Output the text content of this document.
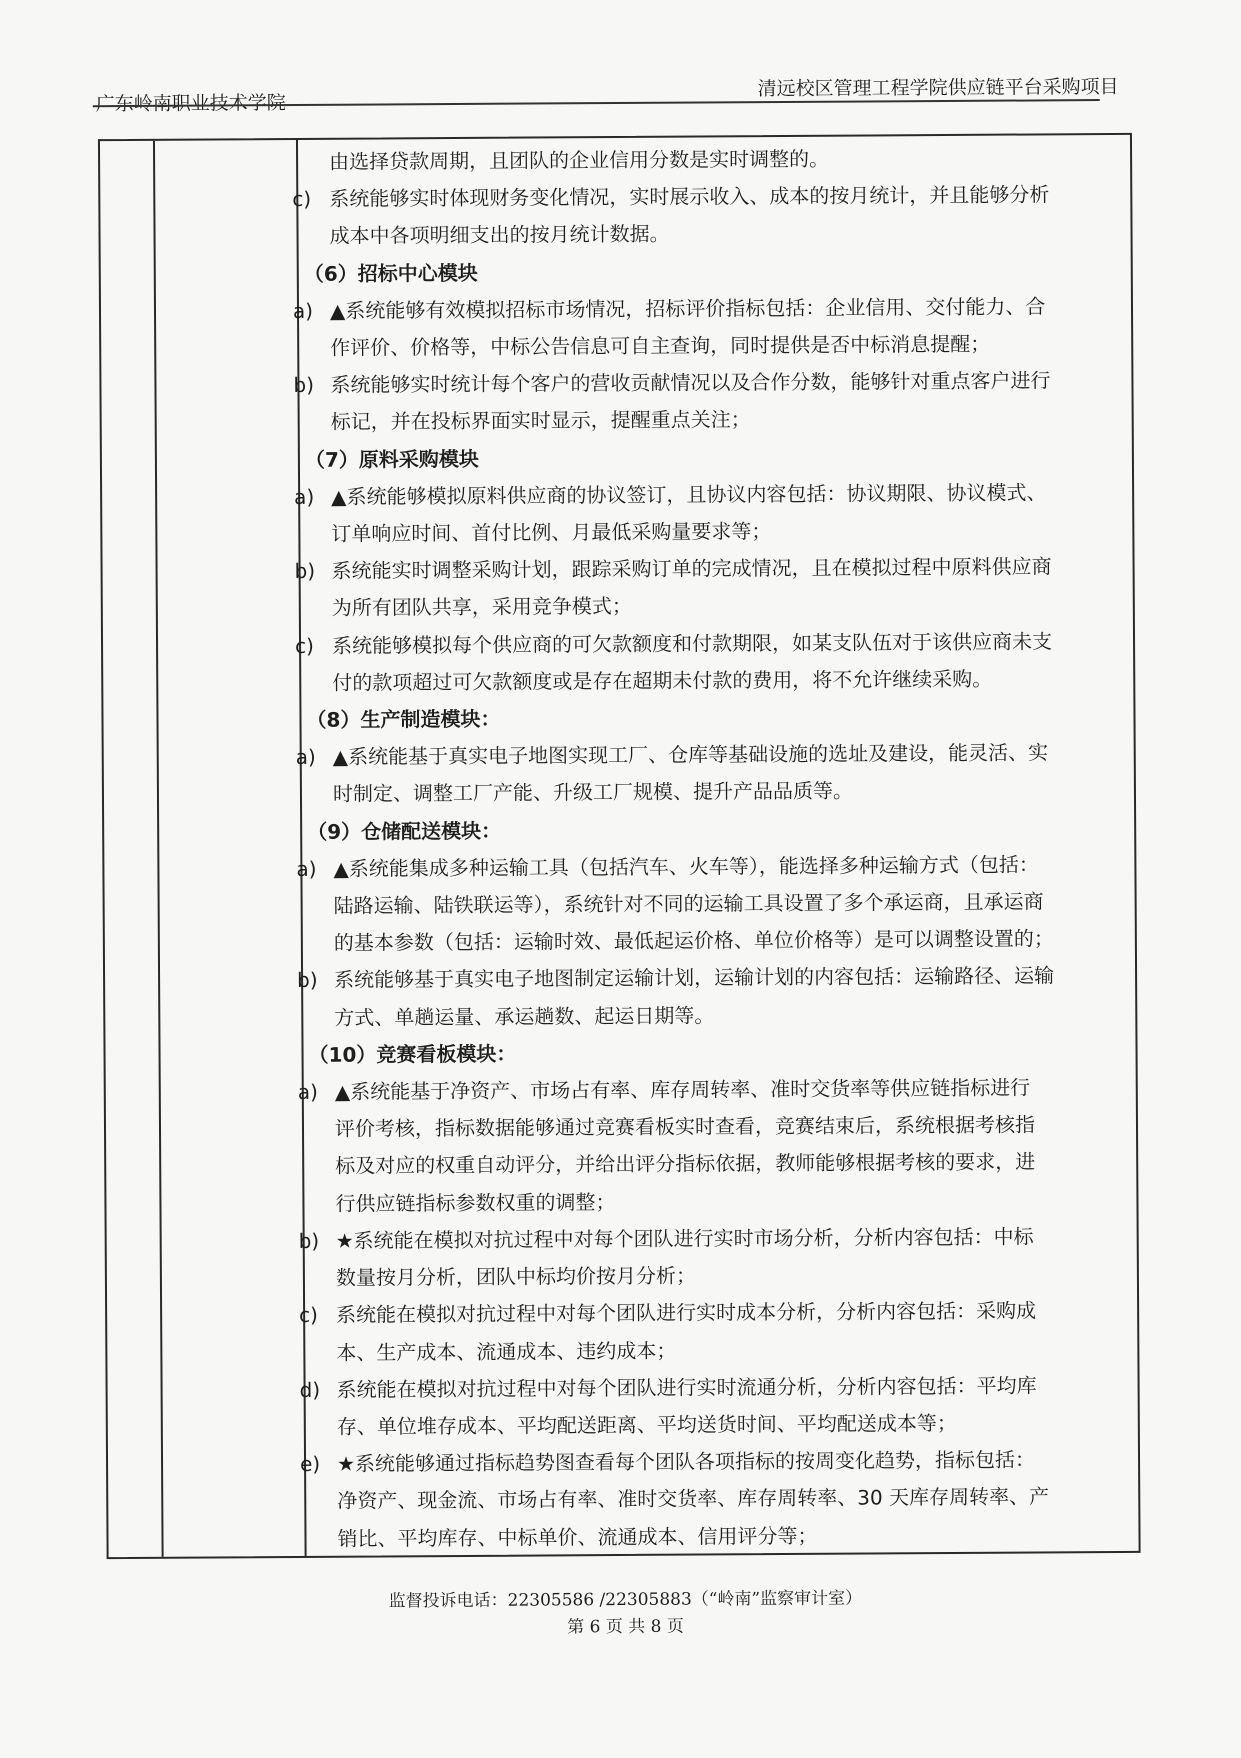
广东岭南职业技术学院
清远校区管理工程学院供应链平台采购项目
由选择贷款周期，且团队的企业信用分数是实时调整的。
c) 系统能够实时体现财务变化情况，实时展示收入、成本的按月统计，并且能够分析
成本中各项明细支出的按月统计数据。
（6）招标中心模块
a) ▲系统能够有效模拟招标市场情况，招标评价指标包括：企业信用、交付能力、合
作评价、价格等，中标公告信息可自主查询，同时提供是否中标消息提醒；
b) 系统能够实时统计每个客户的营收贡献情况以及合作分数，能够针对重点客户进行
标记，并在投标界面实时显示，提醒重点关注；
（7）原料采购模块
a) ▲系统能够模拟原料供应商的协议签订，且协议内容包括：协议期限、协议模式、
订单响应时间、首付比例、月最低采购量要求等；
b) 系统能实时调整采购计划，跟踪采购订单的完成情况，且在模拟过程中原料供应商
为所有团队共享，采用竞争模式；
c) 系统能够模拟每个供应商的可欠款额度和付款期限，如某支队伍对于该供应商未支
付的款项超过可欠款额度或是存在超期未付款的费用，将不允许继续采购。
（8）生产制造模块：
a) ▲系统能基于真实电子地图实现工厂、仓库等基础设施的选址及建设，能灵活、实
时制定、调整工厂产能、升级工厂规模、提升产品品质等。
（9）仓储配送模块：
a) ▲系统能集成多种运输工具（包括汽车、火车等），能选择多种运输方式（包括：
陆路运输、陆铁联运等），系统针对不同的运输工具设置了多个承运商，且承运商
的基本参数（包括：运输时效、最低起运价格、单位价格等）是可以调整设置的；
b) 系统能够基于真实电子地图制定运输计划，运输计划的内容包括：运输路径、运输
方式、单趟运量、承运趟数、起运日期等。
（10）竞赛看板模块：
a) ▲系统能基于净资产、市场占有率、库存周转率、准时交货率等供应链指标进行
评价考核，指标数据能够通过竞赛看板实时查看，竞赛结束后，系统根据考核指
标及对应的权重自动评分，并给出评分指标依据，教师能够根据考核的要求，进
行供应链指标参数权重的调整；
b) ★系统能在模拟对抗过程中对每个团队进行实时市场分析，分析内容包括：中标
数量按月分析，团队中标均价按月分析；
c) 系统能在模拟对抗过程中对每个团队进行实时成本分析，分析内容包括：采购成
本、生产成本、流通成本、违约成本；
d) 系统能在模拟对抗过程中对每个团队进行实时流通分析，分析内容包括：平均库
存、单位堆存成本、平均配送距离、平均送货时间、平均配送成本等；
e) ★系统能够通过指标趋势图查看每个团队各项指标的按周变化趋势，指标包括：
净资产、现金流、市场占有率、准时交货率、库存周转率、30 天库存周转率、产
销比、平均库存、中标单价、流通成本、信用评分等；
监督投诉电话：22305586 /22305883（“岭南”监察审计室）
第 6 页 共 8 页
